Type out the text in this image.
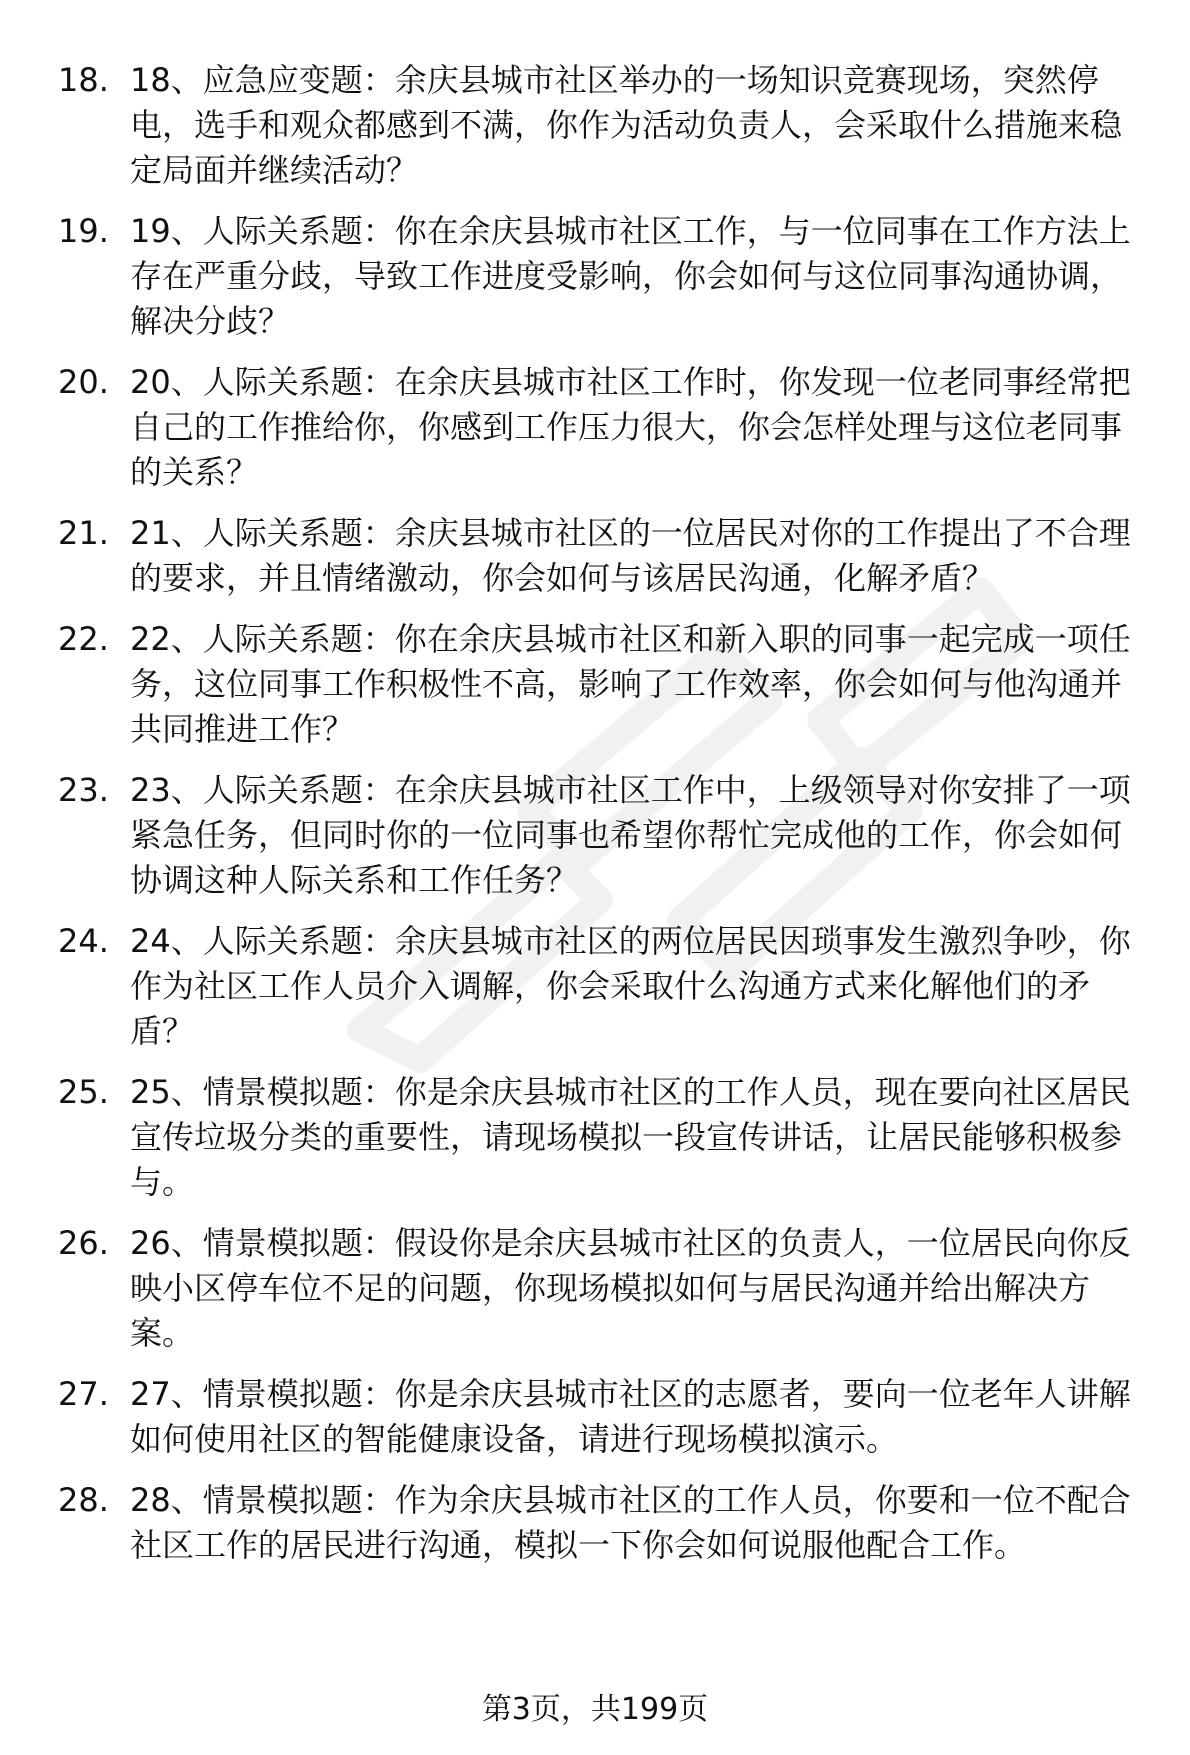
18. 18、应急应变题：余庆县城市社区举办的一场知识竞赛现场，突然停电，选手和观众都感到不满，你作为活动负责人，会采取什么措施来稳定局面并继续活动？
19. 19、人际关系题：你在余庆县城市社区工作，与一位同事在工作方法上存在严重分歧，导致工作进度受影响，你会如何与这位同事沟通协调，解决分歧？
20. 20、人际关系题：在余庆县城市社区工作时，你发现一位老同事经常把自己的工作推给你，你感到工作压力很大，你会怎样处理与这位老同事的关系？
21. 21、人际关系题：余庆县城市社区的一位居民对你的工作提出了不合理的要求，并且情绪激动，你会如何与该居民沟通，化解矛盾？
22. 22、人际关系题：你在余庆县城市社区和新入职的同事一起完成一项任务，这位同事工作积极性不高，影响了工作效率，你会如何与他沟通并共同推进工作？
23. 23、人际关系题：在余庆县城市社区工作中，上级领导对你安排了一项紧急任务，但同时你的一位同事也希望你帮忙完成他的工作，你会如何协调这种人际关系和工作任务？
24. 24、人际关系题：余庆县城市社区的两位居民因琐事发生激烈争吵，你作为社区工作人员介入调解，你会采取什么沟通方式来化解他们的矛盾？
25. 25、情景模拟题：你是余庆县城市社区的工作人员，现在要向社区居民宣传垃圾分类的重要性，请现场模拟一段宣传讲话，让居民能够积极参与。
26. 26、情景模拟题：假设你是余庆县城市社区的负责人，一位居民向你反映小区停车位不足的问题，你现场模拟如何与居民沟通并给出解决方案。
27. 27、情景模拟题：你是余庆县城市社区的志愿者，要向一位老年人讲解如何使用社区的智能健康设备，请进行现场模拟演示。
28. 28、情景模拟题：作为余庆县城市社区的工作人员，你要和一位不配合社区工作的居民进行沟通，模拟一下你会如何说服他配合工作。
第3页，共199页
